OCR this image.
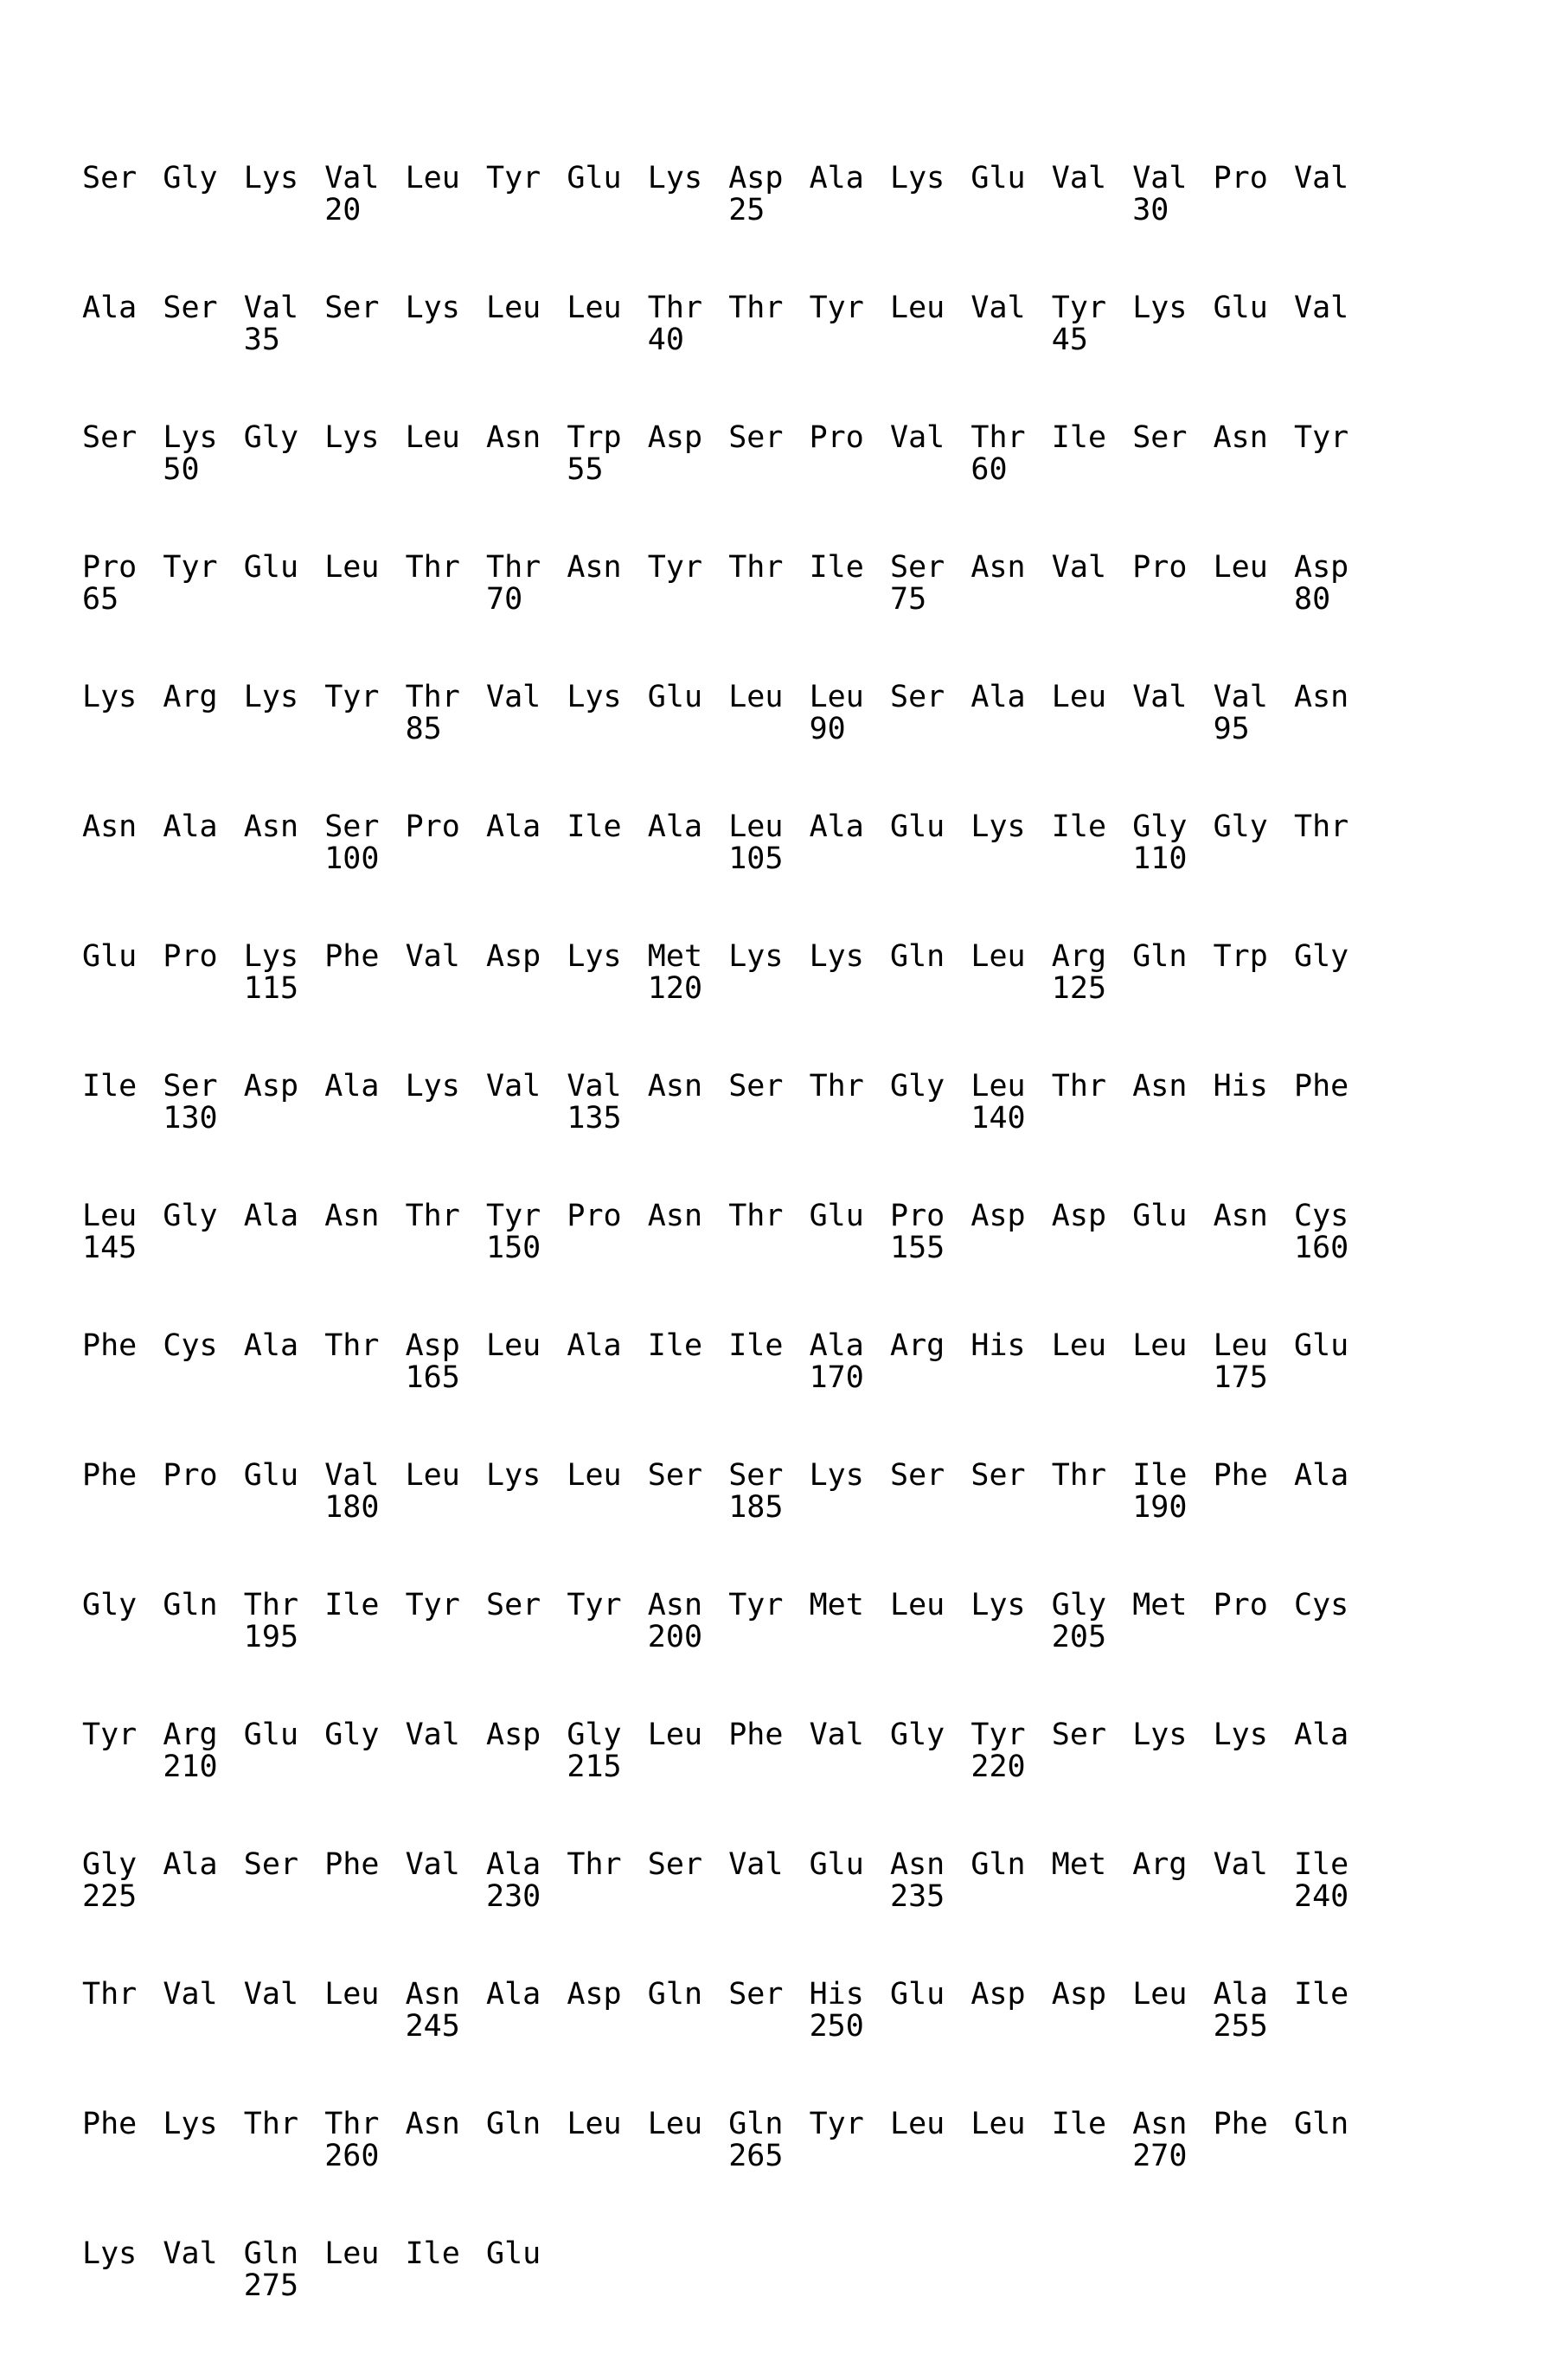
Ser Gly Lys Val
20
Leu Tyr Glu Lys Asp
25
Ala Lys Glu Val Val
30
Pro Val
Ala Ser Val
35
Ser Lys Leu Leu Thr
40
Thr Tyr Leu Val Tyr
45
Lys Glu Val
Ser Lys
50
Gly Lys Leu Asn Trp
55
Asp Ser Pro Val Thr
60
Ile Ser Asn Tyr
Pro
65
Tyr Glu Leu Thr Thr
70
Asn Tyr Thr Ile Ser
75
Asn Val Pro Leu Asp
80
Lys Arg Lys Tyr Thr
85
Val Lys Glu Leu Leu
90
Ser Ala Leu Val Val
95
Asn
Asn Ala Asn Ser
100
Pro Ala Ile Ala Leu
105
Ala Glu Lys Ile Gly
110
Gly Thr
Glu Pro Lys
115
Phe Val Asp Lys Met
120
Lys Lys Gln Leu Arg
125
Gln Trp Gly
Ile Ser
130
Asp Ala Lys Val Val
135
Asn Ser Thr Gly Leu
140
Thr Asn His Phe
Leu
145
Gly Ala Asn Thr Tyr
150
Pro Asn Thr Glu Pro
155
Asp Asp Glu Asn Cys
160
Phe Cys Ala Thr Asp
165
Leu Ala Ile Ile Ala
170
Arg His Leu Leu Leu
175
Glu
Phe Pro Glu Val
180
Leu Lys Leu Ser Ser
185
Lys Ser Ser Thr Ile
190
Phe Ala
Gly Gln Thr
195
Ile Tyr Ser Tyr Asn
200
Tyr Met Leu Lys Gly
205
Met Pro Cys
Tyr Arg
210
Glu Gly Val Asp Gly
215
Leu Phe Val Gly Tyr
220
Ser Lys Lys Ala
Gly
225
Ala Ser Phe Val Ala
230
Thr Ser Val Glu Asn
235
Gln Met Arg Val Ile
240
Thr Val Val Leu Asn
245
Ala Asp Gln Ser His
250
Glu Asp Asp Leu Ala
255
Ile
Phe Lys Thr Thr
260
Asn Gln Leu Leu Gln
265
Tyr Leu Leu Ile Asn
270
Phe Gln
Lys Val Gln
275
Leu Ile Glu
